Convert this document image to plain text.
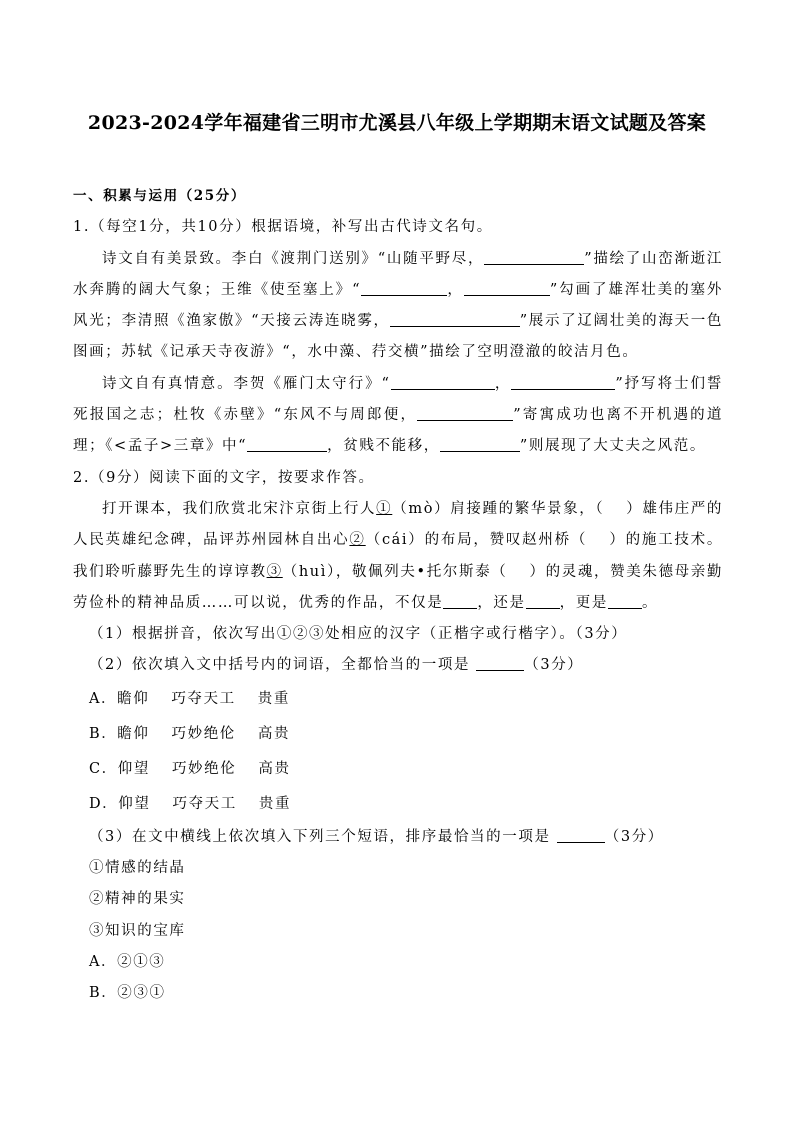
2023-2024学年福建省三明市尤溪县八年级上学期期末语文试题及答案

一、积累与运用（25分）

1.（每空1分，共10分）根据语境，补写出古代诗文名句。

诗文自有美景致。李白《渡荆门送别》“山随平野尽，	”描绘了山峦渐逝江水奔腾的阔大气象；王维《使至塞上》“	，	”勾画了雄浑壮美的塞外风光；李清照《渔家傲》“天接云涛连晓雾，	”展示了辽阔壮美的海天一色图画；苏轼《记承天寺夜游》“，水中藻、荇交横”描绘了空明澄澈的皎洁月色。

诗文自有真情意。李贺《雁门太守行》“	，	”抒写将士们誓死报国之志；杜牧《赤壁》“东风不与周郎便，	”寄寓成功也离不开机遇的道理；《<孟子>三章》中“	，贫贱不能移，	”则展现了大丈夫之风范。

2.（9分）阅读下面的文字，按要求作答。

打开课本，我们欣赏北宋汴京街上行人①（mò）肩接踵的繁华景象，（ ）雄伟庄严的人民英雄纪念碑，品评苏州园林自出心②（cái）的布局，赞叹赵州桥（ ）的施工技术。我们聆听藤野先生的谆谆教③（huì），敬佩列夫•托尔斯泰（ ）的灵魂，赞美朱德母亲勤劳俭朴的精神品质……可以说，优秀的作品，不仅是 ，还是 ，更是 。

（1）根据拼音，依次写出①②③处相应的汉字（正楷字或行楷字）。（3分）

（2）依次填入文中括号内的词语，全都恰当的一项是	（3分）

A．瞻仰 巧夺天工 贵重

B．瞻仰 巧妙绝伦 高贵

C．仰望 巧妙绝伦 高贵

D．仰望 巧夺天工 贵重

（3）在文中横线上依次填入下列三个短语，排序最恰当的一项是	（3分）

①情感的结晶

②精神的果实

③知识的宝库

A．②①③

B．②③①
